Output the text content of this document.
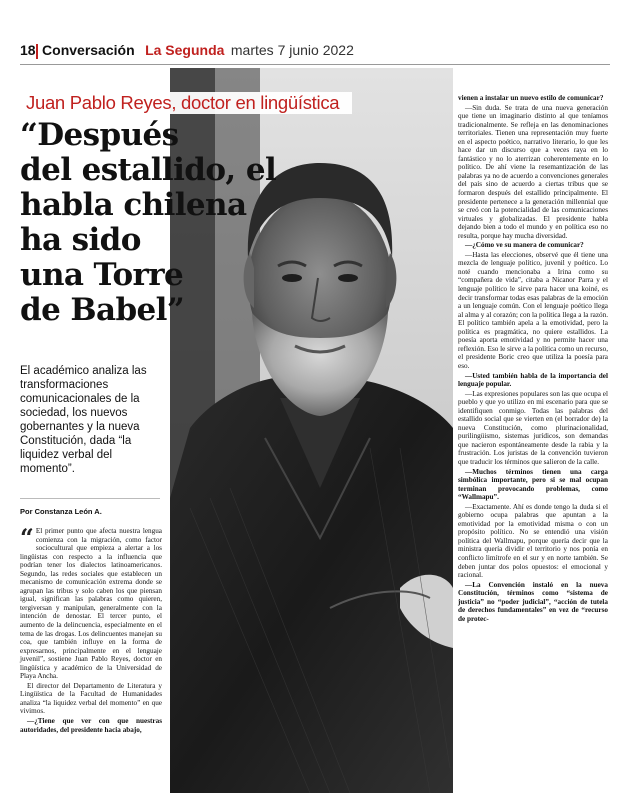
18 Conversación La Segunda martes 7 junio 2022
Juan Pablo Reyes, doctor en lingüística
“Después
del estallido, el
habla chilena
ha sido
una Torre
de Babel”
El académico analiza las transformaciones comunicacionales de la sociedad, los nuevos gobernantes y la nueva Constitución, dada “la liquidez verbal del momento”.
Por Constanza León A.

“ El primer punto que afecta nuestra lengua comienza con la migración, como factor sociocultural que empieza a alertar a los lingüistas con respecto a la influencia que podrían tener los dialectos latinoamericanos. Segundo, las redes sociales que establecen un mecanismo de comunicación extrema donde se agrupan las tribus y solo caben los que piensan igual, significan las palabras como quieren, tergiversan y manipulan, generalmente con la intención de denostar. El tercer punto, el aumento de la delincuencia, especialmente en el tema de las drogas. Los delincuentes manejan su coa, que también influye en la forma de expresarnos, principalmente en el lenguaje juvenil”, sostiene Juan Pablo Reyes, doctor en lingüística y académico de la Universidad de Playa Ancha.

El director del Departamento de Literatura y Lingüística de la Facultad de Humanidades analiza “la liquidez verbal del momento” en que vivimos.

—¿Tiene que ver con que nuestras autoridades, del presidente hacia abajo,

vienen a instalar un nuevo estilo de comunicar?

—Sin duda. Se trata de una nueva generación que tiene un imaginario distinto al que teníamos tradicionalmente. Se refleja en las denominaciones territoriales. Tienen una representación muy fuerte en el aspecto poético, narrativo literario, lo que les hace dar un discurso que a veces raya en lo fantástico y no lo aterrizan coherentemente en lo político. De ahí viene la resemantización de las palabras ya no de acuerdo a convenciones generales del país sino de acuerdo a ciertas tribus que se formaron después del estallido principalmente. El presidente pertenece a la generación millennial que se creó con la potencialidad de las comunicaciones virtuales y globalizadas. El presidente habla dejando bien a todo el mundo y en política eso no resulta, porque hay mucha diversidad.

—¿Cómo ve su manera de comunicar?

—Hasta las elecciones, observé que él tiene una mezcla de lenguaje político, juvenil y poético. Lo noté cuando mencionaba a Irina como su “compañera de vida”, citaba a Nicanor Parra y el lenguaje político le sirve para hacer una koiné, es decir transformar todas esas palabras de la emoción a un lenguaje común. Con el lenguaje poético llega al alma y al corazón; con la política llega a la razón. El político también apela a la emotividad, pero la política es pragmática, no quiere estallidos. La poesía aporta emotividad y no permite hacer una reflexión. Eso le sirve a la política como un recurso, el presidente Boric creo que utiliza la poesía para eso.

—Usted también habla de la importancia del lenguaje popular.

—Las expresiones populares son las que ocupa el pueblo y que yo utilizo en mi escenario para que se identifiquen conmigo. Todas las palabras del estallido social que se vierten en (el borrador de) la nueva Constitución, como plurinacionalidad, purilingüismo, sistemas jurídicos, son demandas que nacieron espontáneamente desde la rabia y la frustración. Los juristas de la convención tuvieron que traducir los términos que salieron de la calle.

—Muchos términos tienen una carga simbólica importante, pero si se mal ocupan terminan provocando problemas, como “Wallmapu”.

—Exactamente. Ahí es donde tengo la duda si el gobierno ocupa palabras que apuntan a la emotividad por la emotividad misma o con un propósito político. No se entendió una visión política del Wallmapu, porque quería decir que la ministra quería dividir el territorio y nos ponía en conflicto limítrofe en el sur y en norte también. Se deben juntar dos polos opuestos: el emocional y racional.

—La Convención instaló en la nueva Constitución, términos como “sistema de justicia” no “poder judicial”, “acción de tutela de derechos fundamentales” en vez de “recurso de protec-
